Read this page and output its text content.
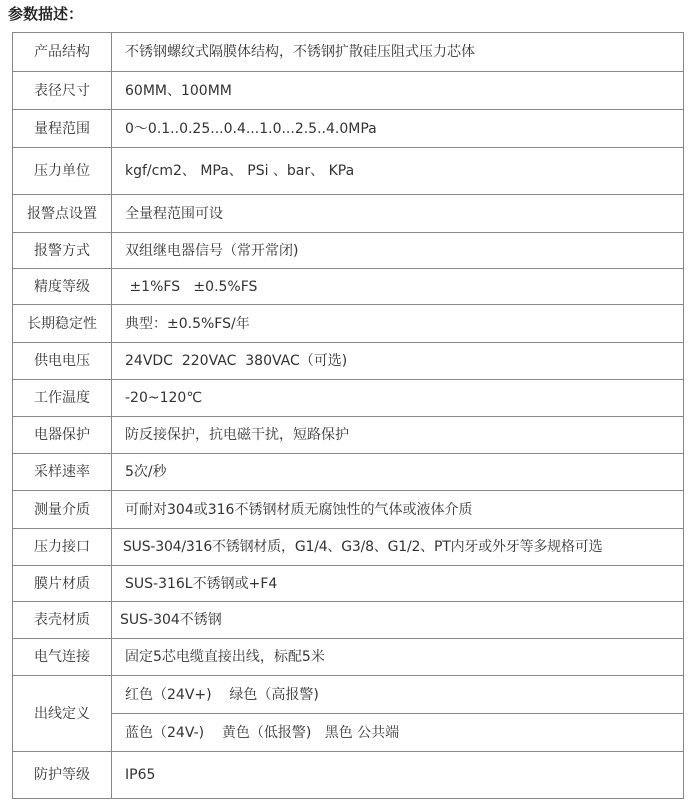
参数描述：
产品结构	不锈钢螺纹式隔膜体结构，不锈钢扩散硅压阻式压力芯体
表径尺寸	60MM、100MM
量程范围	0～0.1..0.25...0.4...1.0...2.5..4.0MPa
压力单位	kgf/cm2、 MPa、 PSi 、bar、 KPa
报警点设置	全量程范围可设
报警方式	双组继电器信号（常开常闭)
精度等级	±1%FS   ±0.5%FS
长期稳定性	典型：±0.5%FS/年
供电电压	24VDC  220VAC  380VAC（可选)
工作温度	-20~120℃
电器保护	防反接保护，抗电磁干扰，短路保护
采样速率	5次/秒
测量介质	可耐对304或316不锈钢材质无腐蚀性的气体或液体介质
压力接口	SUS-304/316不锈钢材质，G1/4、G3/8、G1/2、PT内牙或外牙等多规格可选
膜片材质	SUS-316L不锈钢或+F4
表壳材质	SUS-304不锈钢
电气连接	固定5芯电缆直接出线，标配5米
出线定义	红色（24V+)    绿色（高报警)
	蓝色（24V-)    黄色（低报警)   黑色 公共端
防护等级	IP65
